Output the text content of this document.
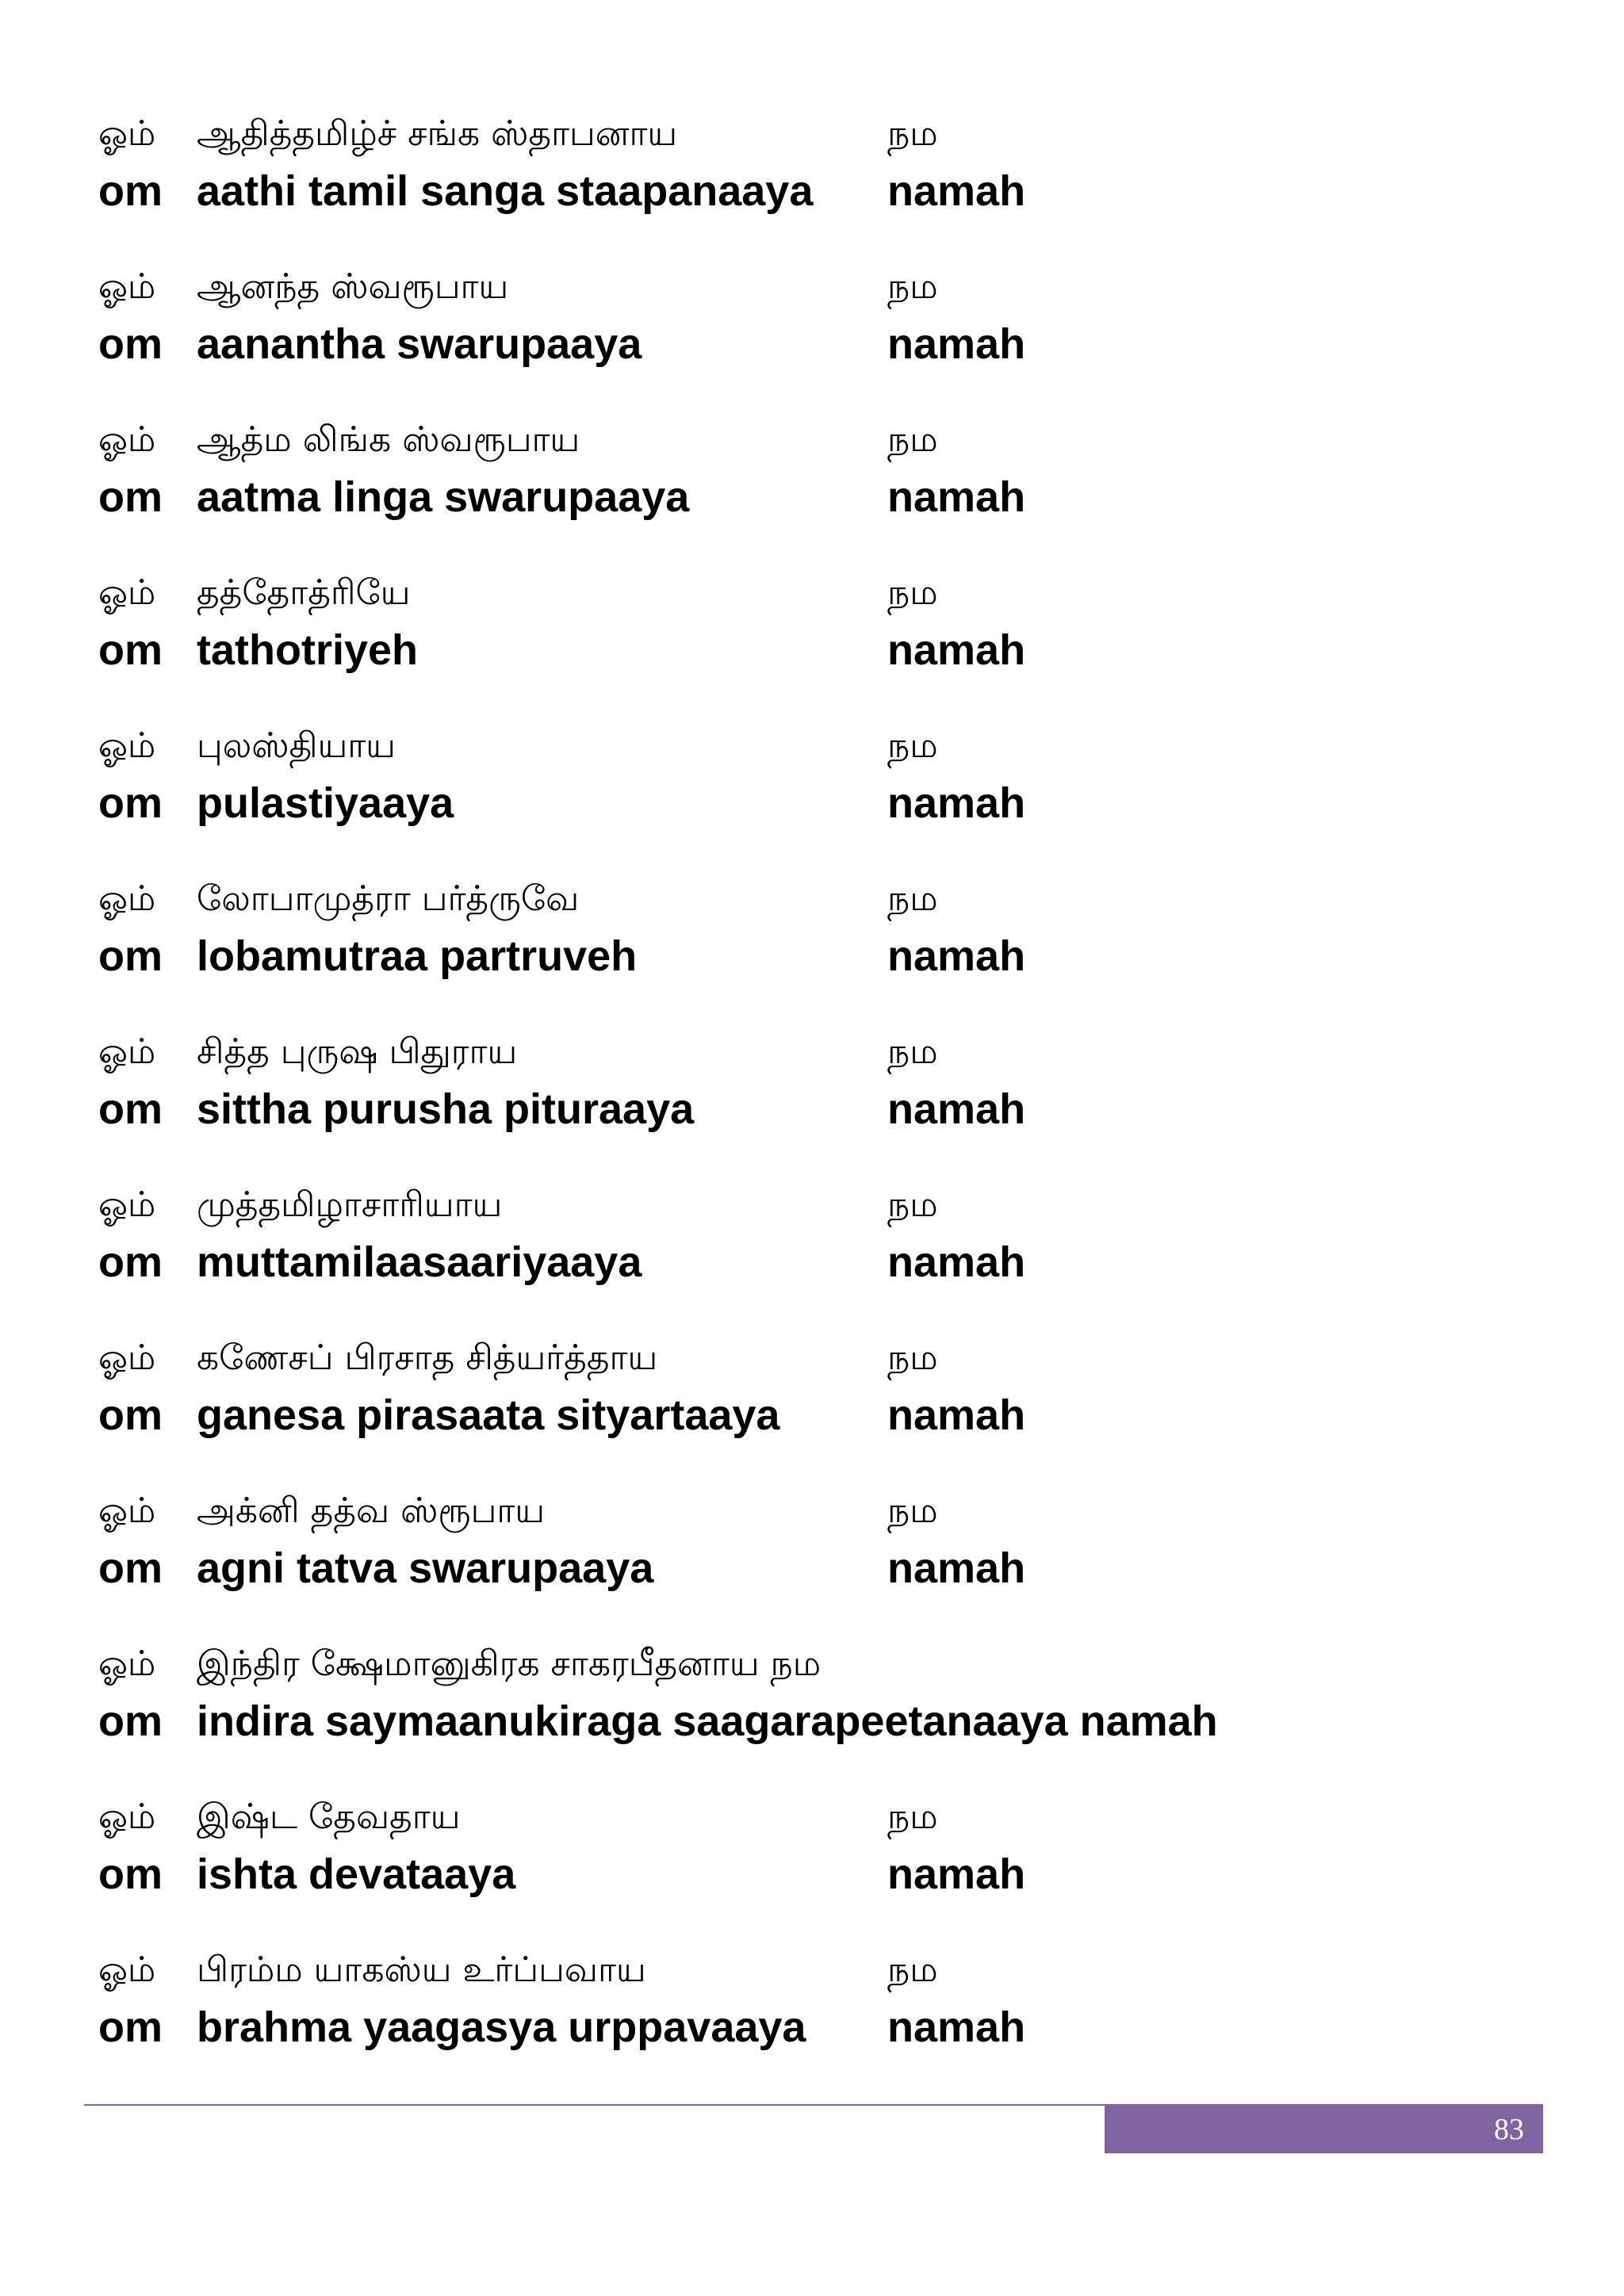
ஓம் ஆதித்தமிழ்ச் சங்க ஸ்தாபனாய	நம
om aathi tamil sanga staapanaaya namah
ஓம் ஆனந்த ஸ்வரூபாய	நம
om aanantha swarupaaya	namah
ஓம் ஆத்ம லிங்க ஸ்வரூபாய	நம
om aatma linga swarupaaya	namah
ஓம் தத்தோத்ரியே	நம
om tathotriyeh	namah
ஓம் புலஸ்தியாய	நம
om pulastiyaaya	namah
ஓம் லோபாமுத்ரா பர்த்ருவே	நம
om lobamutraa partruveh	namah
ஓம் சித்த புருஷ பிதுராய	நம
om sittha purusha pituraaya	namah
ஓம் முத்தமிழாசாரியாய	நம
om muttamilaasaariyaaya	namah
ஓம் கணேசப் பிரசாத சித்யர்த்தாய	நம
om ganesa pirasaata sityartaaya	namah
ஓம் அக்னி தத்வ ஸ்ரூபாய	நம
om agni tatva swarupaaya	namah
ஓம் இந்திர க்ஷேமானுகிரக சாகரபீதனாய நம
om indira saymaanukiraga saagarapeetanaaya namah
ஓம் இஷ்ட தேவதாய	நம
om ishta devataaya	namah
ஓம் பிரம்ம யாகஸ்ய உர்ப்பவாய	நம
om brahma yaagasya urppavaaya namah
83
